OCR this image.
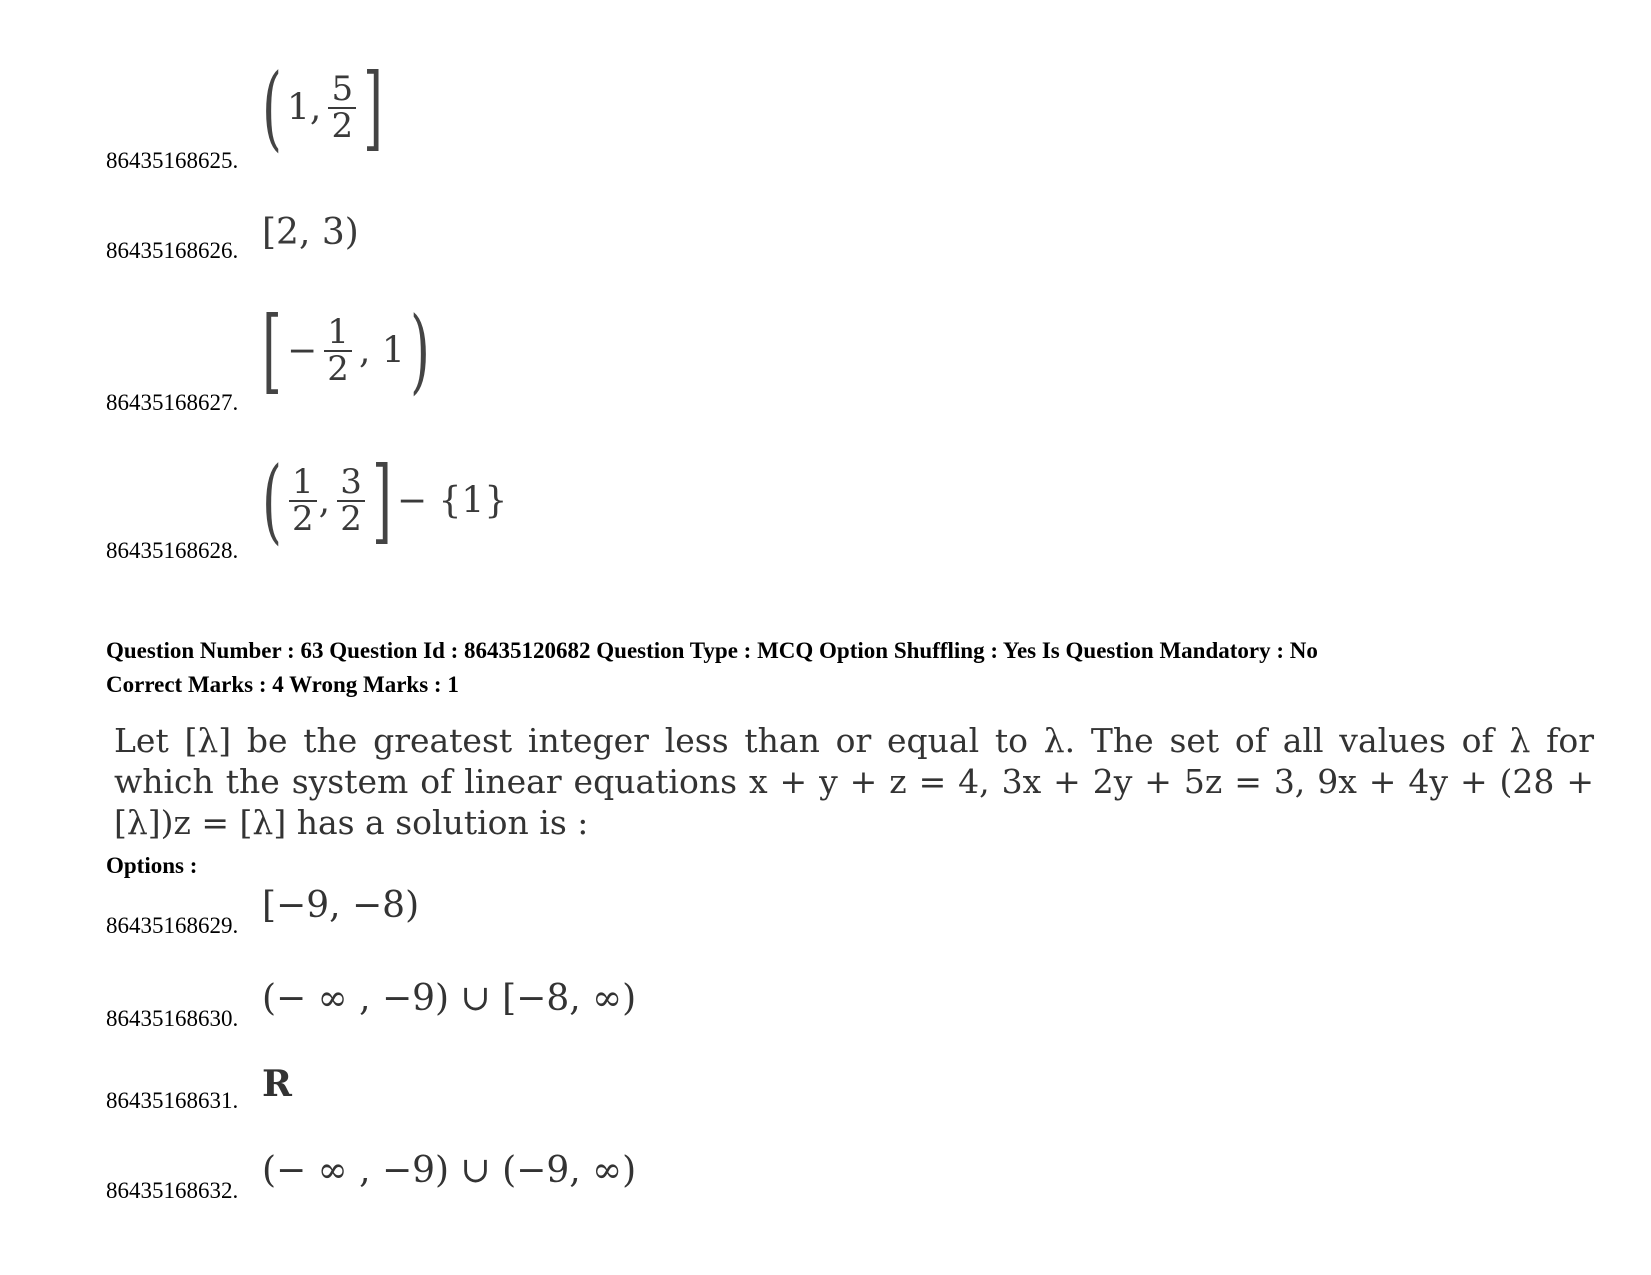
86435168625. ( 1, $\frac{5}{2}$ ]
86435168626. [2, 3)
86435168627. [ − $\frac{1}{2}$ , 1 )
86435168628. ( $\frac{1}{2}$ , $\frac{3}{2}$ ] − {1}
Question Number : 63 Question Id : 86435120682 Question Type : MCQ Option Shuffling : Yes Is Question Mandatory : No
Correct Marks : 4 Wrong Marks : 1
Let [λ] be the greatest integer less than or equal to λ. The set of all values of λ for which the system of linear equations x + y + z = 4, 3x + 2y + 5z = 3, 9x + 4y + (28 + [λ])z = [λ] has a solution is :
Options :
86435168629. [−9, −8)
86435168630. (− ∞ , −9) ∪ [−8, ∞)
86435168631. R
86435168632. (− ∞ , −9) ∪ (−9, ∞)
